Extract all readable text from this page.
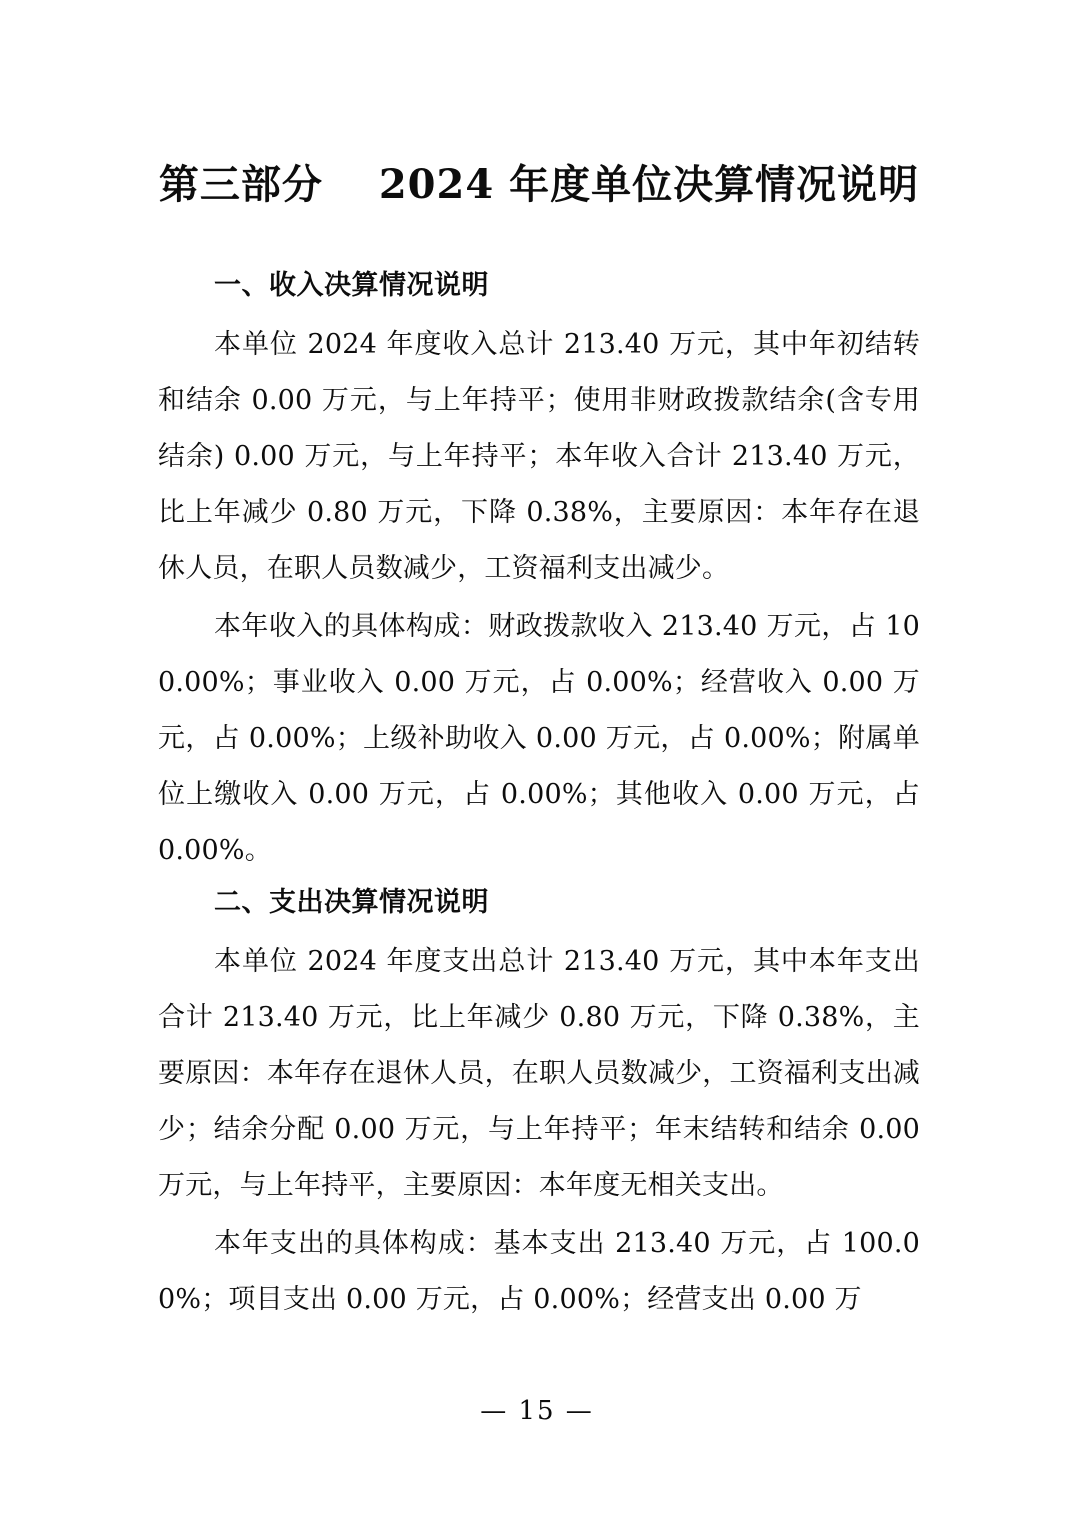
第三部分　 2024 年度单位决算情况说明
一、收入决算情况说明

本单位 2024 年度收入总计 213.40 万元，其中年初结转和结余 0.00 万元，与上年持平；使用非财政拨款结余(含专用结余) 0.00 万元，与上年持平；本年收入合计 213.40 万元，比上年减少 0.80 万元，下降 0.38%，主要原因：本年存在退休人员，在职人员数减少，工资福利支出减少。

本年收入的具体构成：财政拨款收入 213.40 万元，占 100.00%；事业收入 0.00 万元，占 0.00%；经营收入 0.00 万元，占 0.00%；上级补助收入 0.00 万元，占 0.00%；附属单位上缴收入 0.00 万元，占 0.00%；其他收入 0.00 万元，占 0.00%。

二、支出决算情况说明

本单位 2024 年度支出总计 213.40 万元，其中本年支出合计 213.40 万元，比上年减少 0.80 万元，下降 0.38%，主要原因：本年存在退休人员，在职人员数减少，工资福利支出减少；结余分配 0.00 万元，与上年持平；年末结转和结余 0.00 万元，与上年持平，主要原因：本年度无相关支出。

本年支出的具体构成：基本支出 213.40 万元，占 100.00%；项目支出 0.00 万元，占 0.00%；经营支出 0.00 万

— 15 —
